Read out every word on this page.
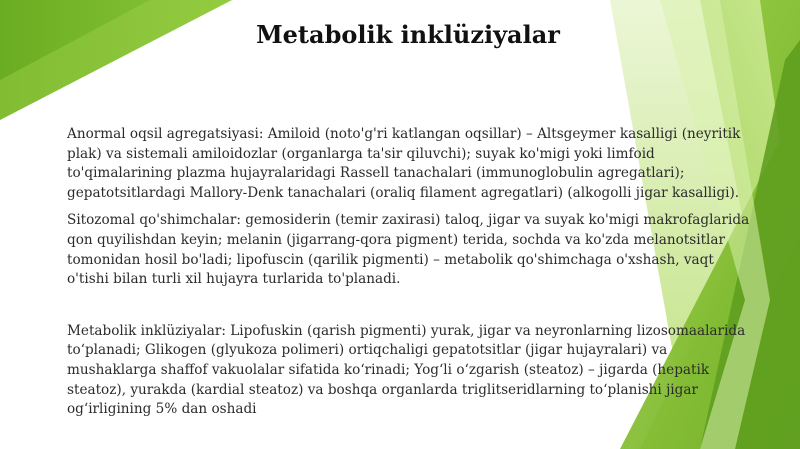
Metabolik inklüziyalar

Anormal oqsil agregatsiyasi: Amiloid (noto'g'ri katlangan oqsillar) – Altsgeymer kasalligi (neyritik plak) va sistemali amiloidozlar (organlarga ta'sir qiluvchi); suyak ko'migi yoki limfoid to'qimalarining plazma hujayralaridagi Rassell tanachalari (immunoglobulin agregatlari); gepatotsitlardagi Mallory-Denk tanachalari (oraliq filament agregatlari) (alkogolli jigar kasalligi).

Sitozomal qo'shimchalar: gemosiderin (temir zaxirasi) taloq, jigar va suyak ko'migi makrofaglarida qon quyilishdan keyin; melanin (jigarrang-qora pigment) terida, sochda va ko'zda melanotsitlar tomonidan hosil bo'ladi; lipofuscin (qarilik pigmenti) – metabolik qo'shimchaga o'xshash, vaqt o'tishi bilan turli xil hujayra turlarida to'planadi.

Metabolik inklüziyalar: Lipofuskin (qarish pigmenti) yurak, jigar va neyronlarning lizosomaalarida toʻplanadi; Glikogen (glyukoza polimeri) ortiqchaligi gepatotsitlar (jigar hujayralari) va mushaklarga shaffof vakuolalar sifatida koʻrinadi; Yogʻli oʻzgarish (steatoz) – jigarda (hepatik steatoz), yurakda (kardial steatoz) va boshqa organlarda triglitseridlarning toʻplanishi jigar ogʻirligining 5% dan oshadi
